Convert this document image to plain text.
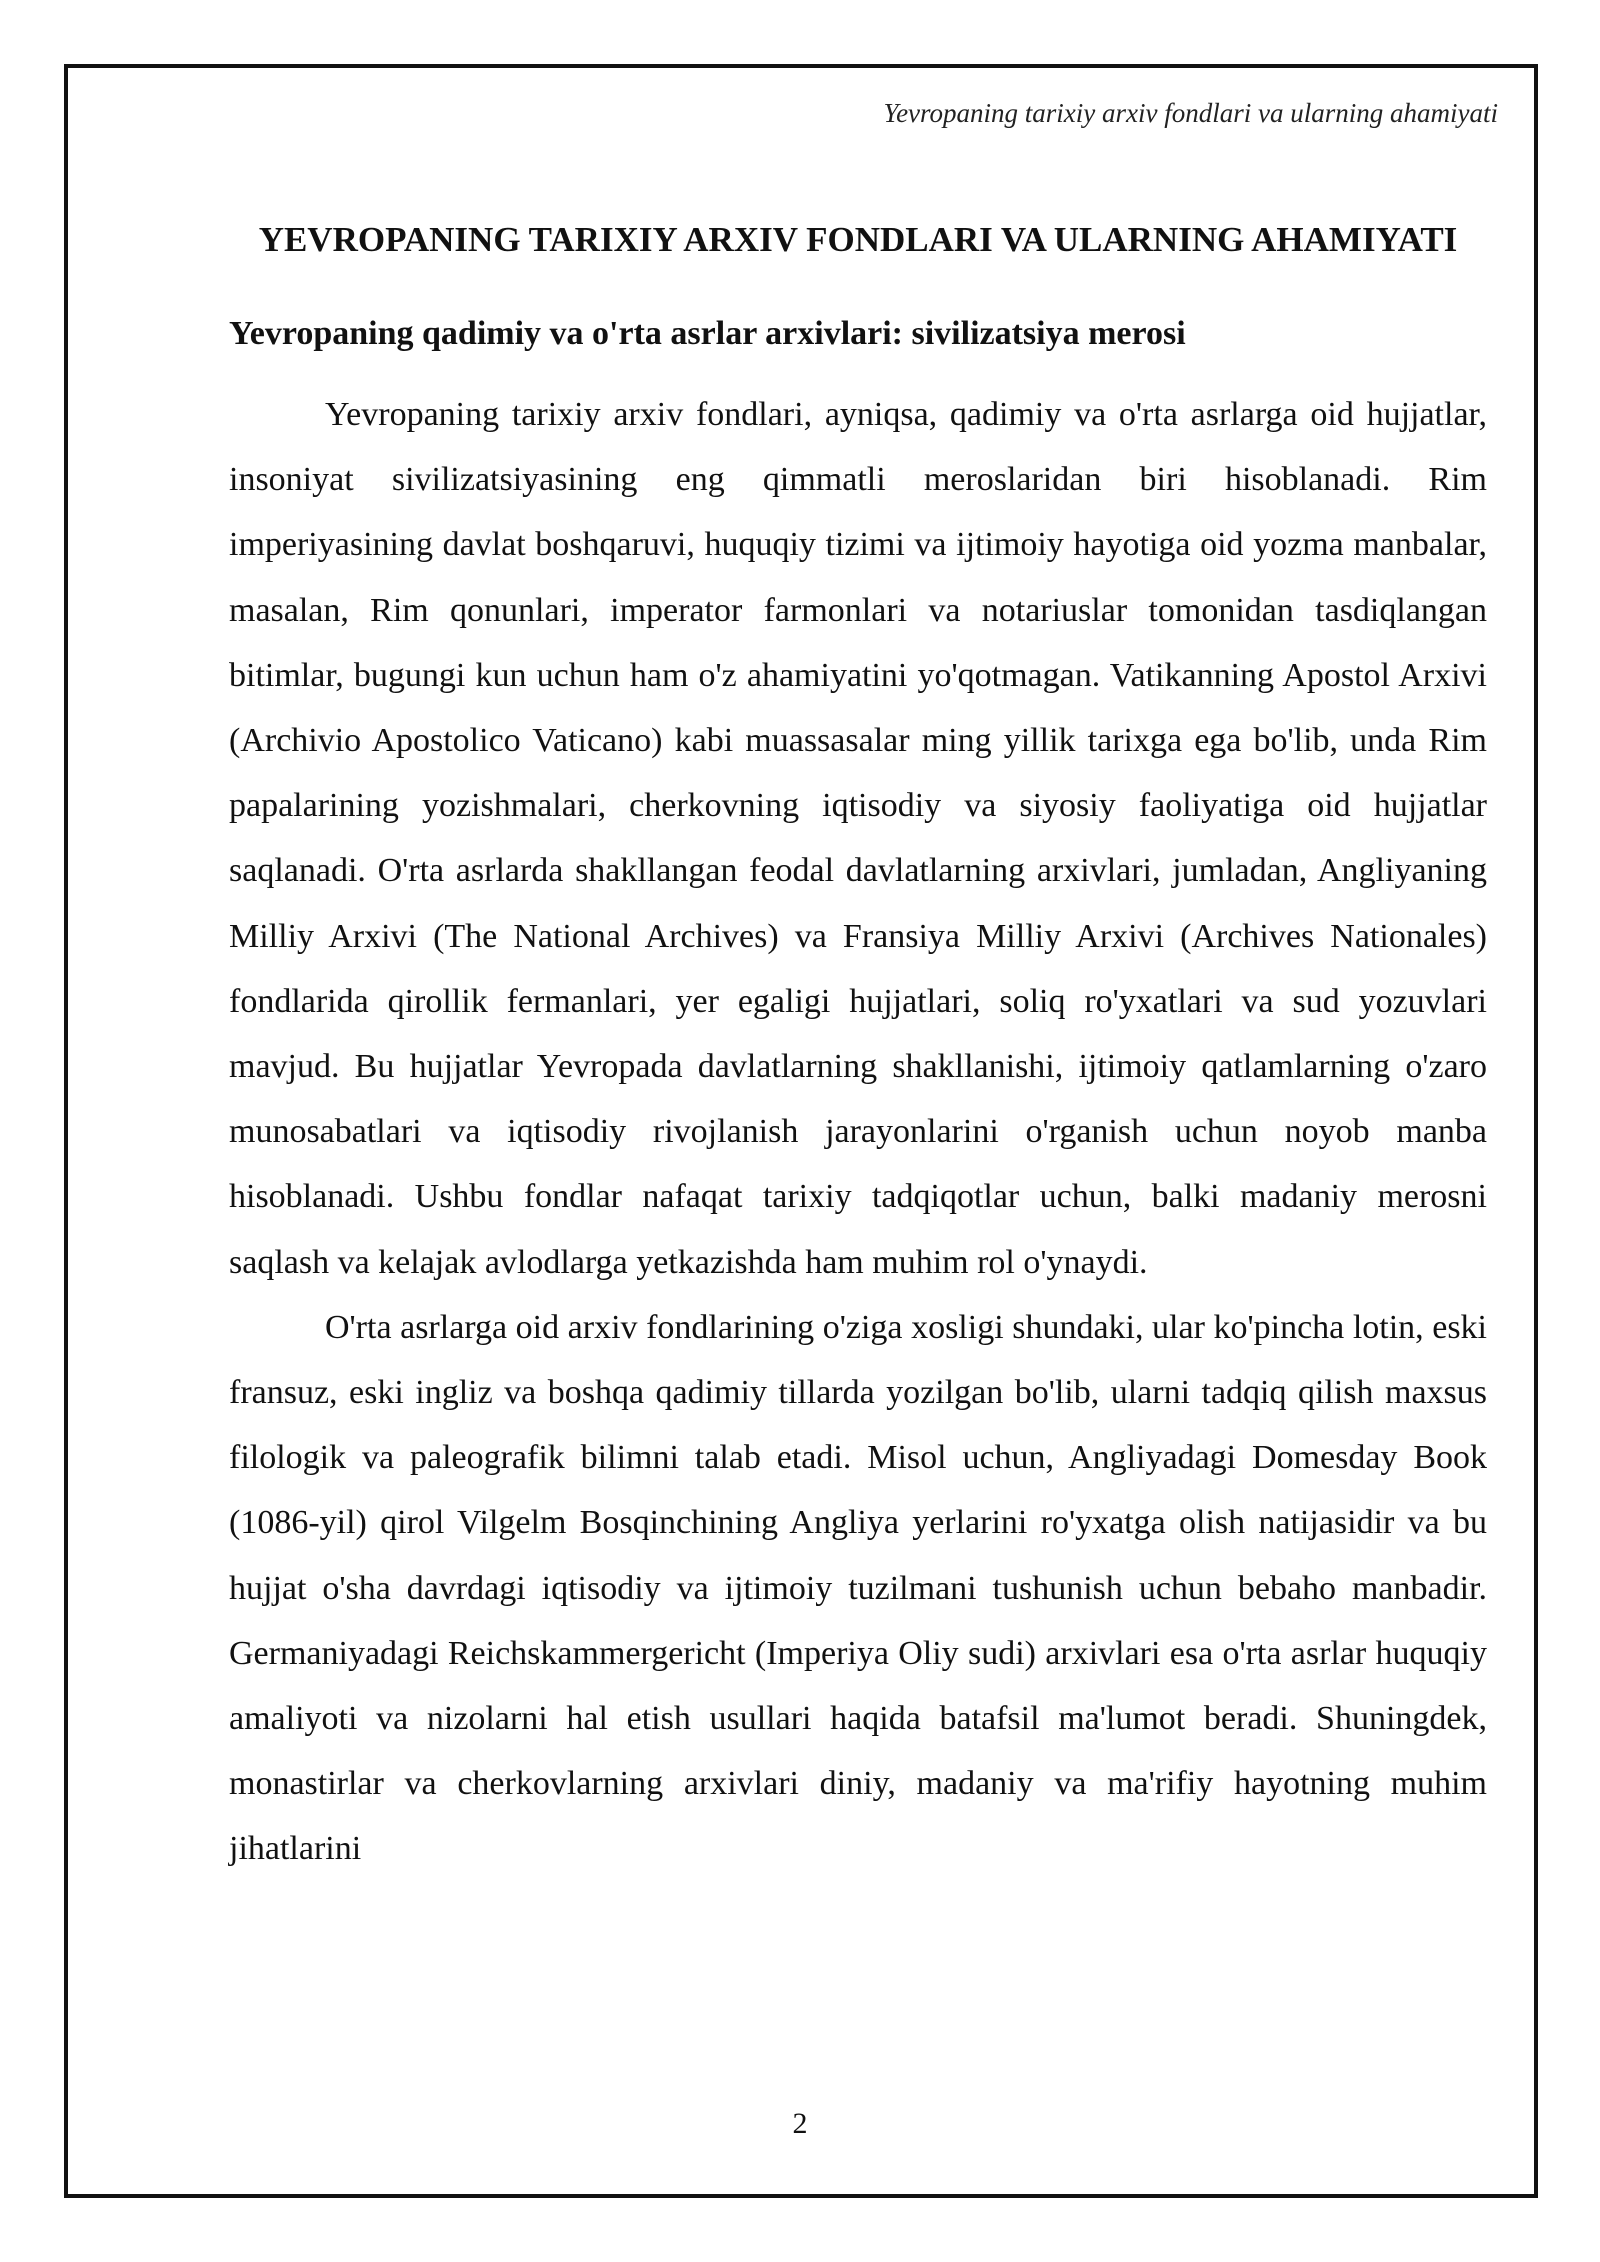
Yevropaning tarixiy arxiv fondlari va ularning ahamiyati
YEVROPANING TARIXIY ARXIV FONDLARI VA ULARNING AHAMIYATI
Yevropaning qadimiy va o'rta asrlar arxivlari: sivilizatsiya merosi

Yevropaning tarixiy arxiv fondlari, ayniqsa, qadimiy va o'rta asrlarga oid hujjatlar, insoniyat sivilizatsiyasining eng qimmatli meroslaridan biri hisoblanadi. Rim imperiyasining davlat boshqaruvi, huquqiy tizimi va ijtimoiy hayotiga oid yozma manbalar, masalan, Rim qonunlari, imperator farmonlari va notariuslar tomonidan tasdiqlangan bitimlar, bugungi kun uchun ham o'z ahamiyatini yo'qotmagan. Vatikanning Apostol Arxivi (Archivio Apostolico Vaticano) kabi muassasalar ming yillik tarixga ega bo'lib, unda Rim papalarining yozishmalari, cherkovning iqtisodiy va siyosiy faoliyatiga oid hujjatlar saqlanadi. O'rta asrlarda shakllangan feodal davlatlarning arxivlari, jumladan, Angliyaning Milliy Arxivi (The National Archives) va Fransiya Milliy Arxivi (Archives Nationales) fondlarida qirollik fermanlari, yer egaligi hujjatlari, soliq ro'yxatlari va sud yozuvlari mavjud. Bu hujjatlar Yevropada davlatlarning shakllanishi, ijtimoiy qatlamlarning o'zaro munosabatlari va iqtisodiy rivojlanish jarayonlarini o'rganish uchun noyob manba hisoblanadi. Ushbu fondlar nafaqat tarixiy tadqiqotlar uchun, balki madaniy merosni saqlash va kelajak avlodlarga yetkazishda ham muhim rol o'ynaydi.

O'rta asrlarga oid arxiv fondlarining o'ziga xosligi shundaki, ular ko'pincha lotin, eski fransuz, eski ingliz va boshqa qadimiy tillarda yozilgan bo'lib, ularni tadqiq qilish maxsus filologik va paleografik bilimni talab etadi. Misol uchun, Angliyadagi Domesday Book (1086-yil) qirol Vilgelm Bosqinchining Angliya yerlarini ro'yxatga olish natijasidir va bu hujjat o'sha davrdagi iqtisodiy va ijtimoiy tuzilmani tushunish uchun bebaho manbadir. Germaniyadagi Reichskammergericht (Imperiya Oliy sudi) arxivlari esa o'rta asrlar huquqiy amaliyoti va nizolarni hal etish usullari haqida batafsil ma'lumot beradi. Shuningdek, monastirlar va cherkovlarning arxivlari diniy, madaniy va ma'rifiy hayotning muhim jihatlarini

2
